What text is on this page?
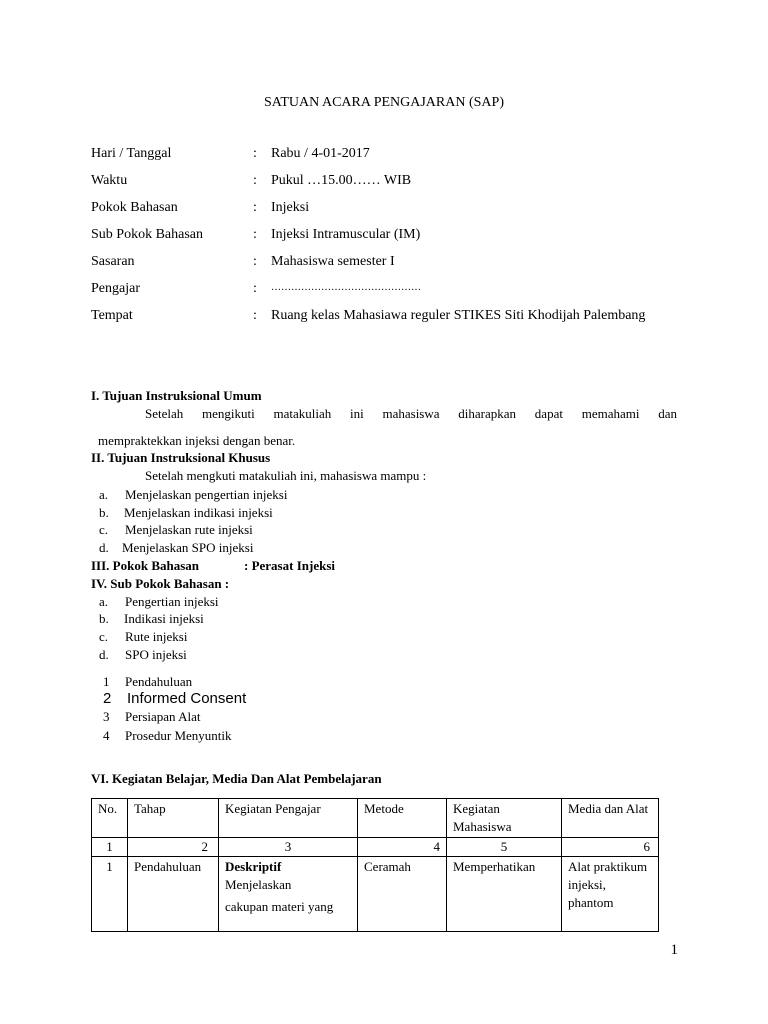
SATUAN ACARA PENGAJARAN (SAP)
Hari / Tanggal	: Rabu / 4-01-2017
Waktu	: Pukul …15.00…… WIB
Pokok Bahasan	: Injeksi
Sub Pokok Bahasan	: Injeksi Intramuscular (IM)
Sasaran	: Mahasiswa semester I
Pengajar	: ………………………………………
Tempat	: Ruang kelas Mahasiawa reguler STIKES Siti Khodijah Palembang
I. Tujuan Instruksional Umum
Setelah mengikuti matakuliah ini mahasiswa diharapkan dapat memahami dan
mempraktekkan injeksi dengan benar.
II. Tujuan Instruksional Khusus
Setelah mengkuti matakuliah ini, mahasiswa mampu :
a. Menjelaskan pengertian injeksi
b. Menjelaskan indikasi injeksi
c. Menjelaskan rute injeksi
d. Menjelaskan SPO injeksi
III. Pokok Bahasan	: Perasat Injeksi
IV. Sub Pokok Bahasan :
a. Pengertian injeksi
b. Indikasi injeksi
c. Rute injeksi
d. SPO injeksi
1 Pendahuluan
2 Informed Consent
3 Persiapan Alat
4 Prosedur Menyuntik
VI. Kegiatan Belajar, Media Dan Alat Pembelajaran
No.	Tahap	Kegiatan Pengajar	Metode	Kegiatan Mahasiswa	Media dan Alat
1	2	3	4	5	6
1	Pendahuluan	Deskriptif
Menjelaskan
cakupan materi yang	Ceramah	Memperhatikan	Alat praktikum injeksi, phantom
1
